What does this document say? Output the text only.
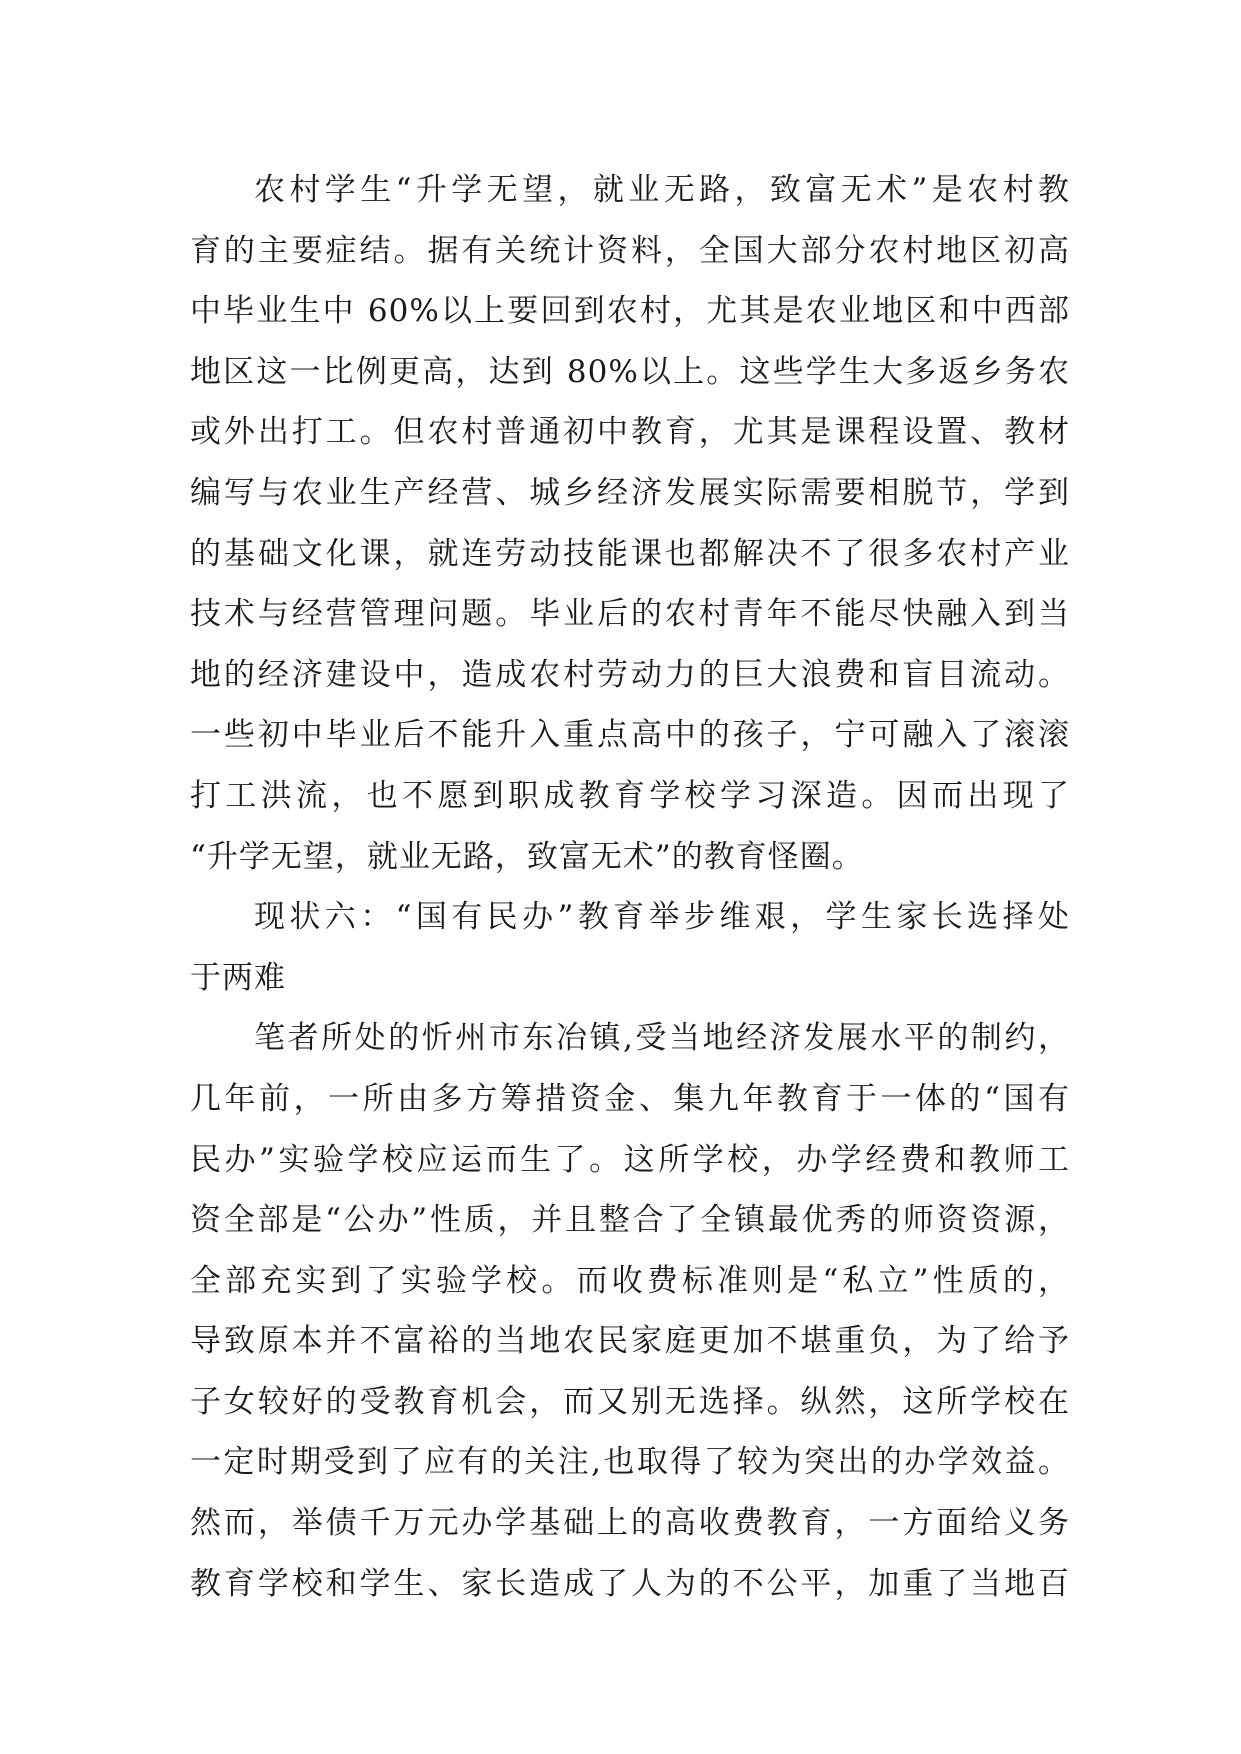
农村学生“升学无望，就业无路，致富无术”是农村教
育的主要症结。据有关统计资料，全国大部分农村地区初高
中毕业生中 60%以上要回到农村，尤其是农业地区和中西部
地区这一比例更高，达到 80%以上。这些学生大多返乡务农
或外出打工。但农村普通初中教育，尤其是课程设置、教材
编写与农业生产经营、城乡经济发展实际需要相脱节，学到
的基础文化课，就连劳动技能课也都解决不了很多农村产业
技术与经营管理问题。毕业后的农村青年不能尽快融入到当
地的经济建设中，造成农村劳动力的巨大浪费和盲目流动。
一些初中毕业后不能升入重点高中的孩子，宁可融入了滚滚
打工洪流，也不愿到职成教育学校学习深造。因而出现了
“升学无望，就业无路，致富无术”的教育怪圈。
现状六：“国有民办”教育举步维艰，学生家长选择处
于两难
笔者所处的忻州市东冶镇,受当地经济发展水平的制约，
几年前，一所由多方筹措资金、集九年教育于一体的“国有
民办”实验学校应运而生了。这所学校，办学经费和教师工
资全部是“公办”性质，并且整合了全镇最优秀的师资资源，
全部充实到了实验学校。而收费标准则是“私立”性质的，
导致原本并不富裕的当地农民家庭更加不堪重负，为了给予
子女较好的受教育机会，而又别无选择。纵然，这所学校在
一定时期受到了应有的关注,也取得了较为突出的办学效益。
然而，举债千万元办学基础上的高收费教育，一方面给义务
教育学校和学生、家长造成了人为的不公平，加重了当地百
